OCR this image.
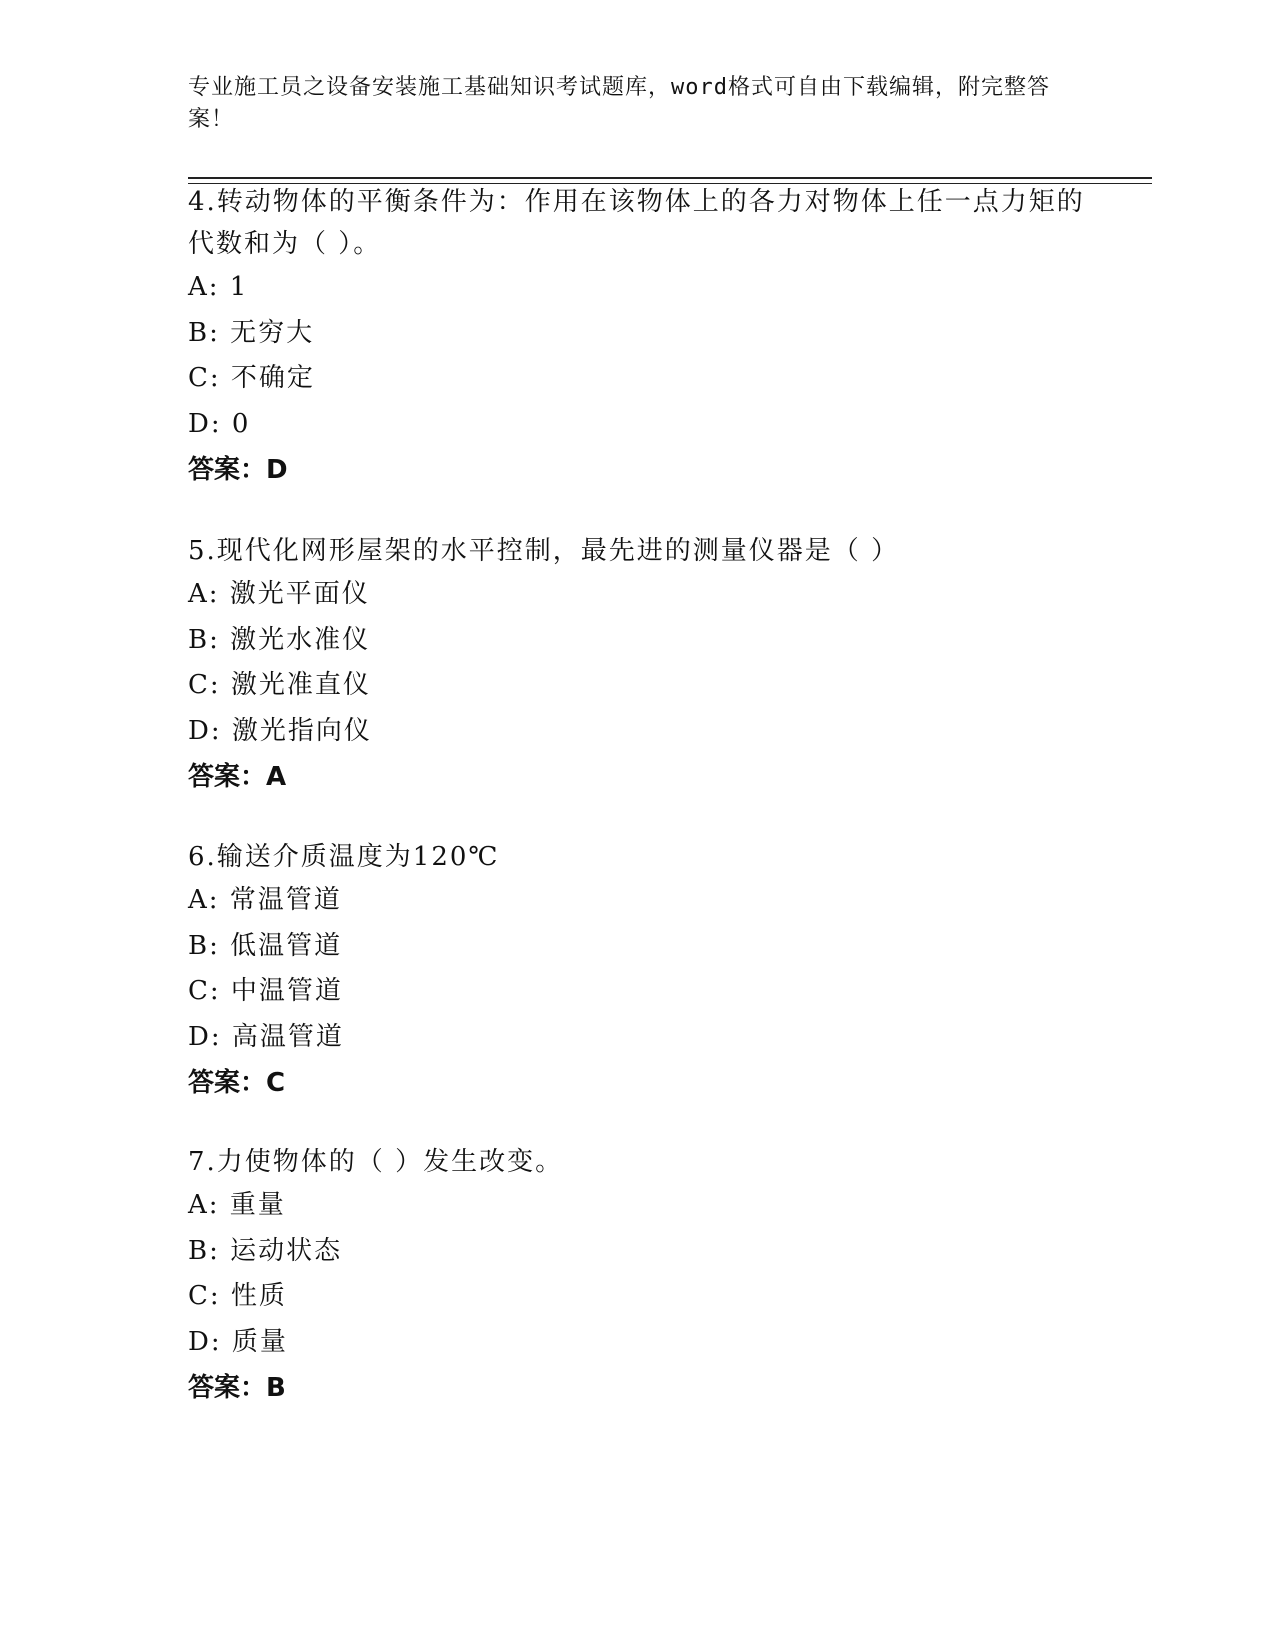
专业施工员之设备安装施工基础知识考试题库，word格式可自由下载编辑，附完整答案！
4.转动物体的平衡条件为：作用在该物体上的各力对物体上任一点力矩的代数和为（ ）。
A: 1
B: 无穷大
C: 不确定
D: 0
答案：D
5.现代化网形屋架的水平控制，最先进的测量仪器是（ ）
A: 激光平面仪
B: 激光水准仪
C: 激光准直仪
D: 激光指向仪
答案：A
6.输送介质温度为120℃
A: 常温管道
B: 低温管道
C: 中温管道
D: 高温管道
答案：C
7.力使物体的（ ）发生改变。
A: 重量
B: 运动状态
C: 性质
D: 质量
答案：B
